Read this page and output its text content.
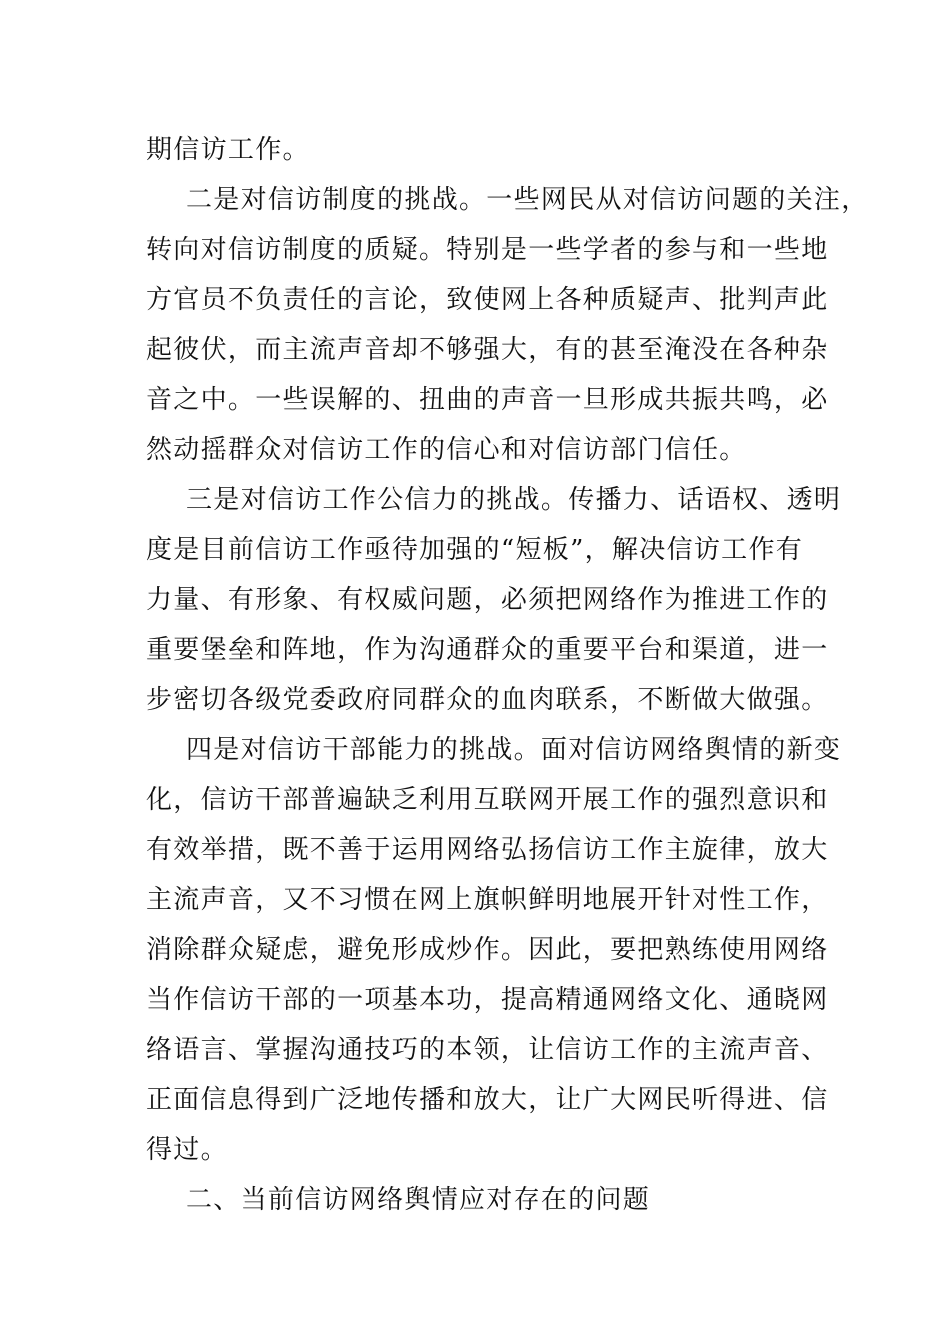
期信访工作。
二是对信访制度的挑战。一些网民从对信访问题的关注，
转向对信访制度的质疑。特别是一些学者的参与和一些地
方官员不负责任的言论，致使网上各种质疑声、批判声此
起彼伏，而主流声音却不够强大，有的甚至淹没在各种杂
音之中。一些误解的、扭曲的声音一旦形成共振共鸣，必
然动摇群众对信访工作的信心和对信访部门信任。
三是对信访工作公信力的挑战。传播力、话语权、透明
度是目前信访工作亟待加强的“短板”，解决信访工作有
力量、有形象、有权威问题，必须把网络作为推进工作的
重要堡垒和阵地，作为沟通群众的重要平台和渠道，进一
步密切各级党委政府同群众的血肉联系，不断做大做强。
四是对信访干部能力的挑战。面对信访网络舆情的新变
化，信访干部普遍缺乏利用互联网开展工作的强烈意识和
有效举措，既不善于运用网络弘扬信访工作主旋律，放大
主流声音，又不习惯在网上旗帜鲜明地展开针对性工作，
消除群众疑虑，避免形成炒作。因此，要把熟练使用网络
当作信访干部的一项基本功，提高精通网络文化、通晓网
络语言、掌握沟通技巧的本领，让信访工作的主流声音、
正面信息得到广泛地传播和放大，让广大网民听得进、信
得过。
二、当前信访网络舆情应对存在的问题
